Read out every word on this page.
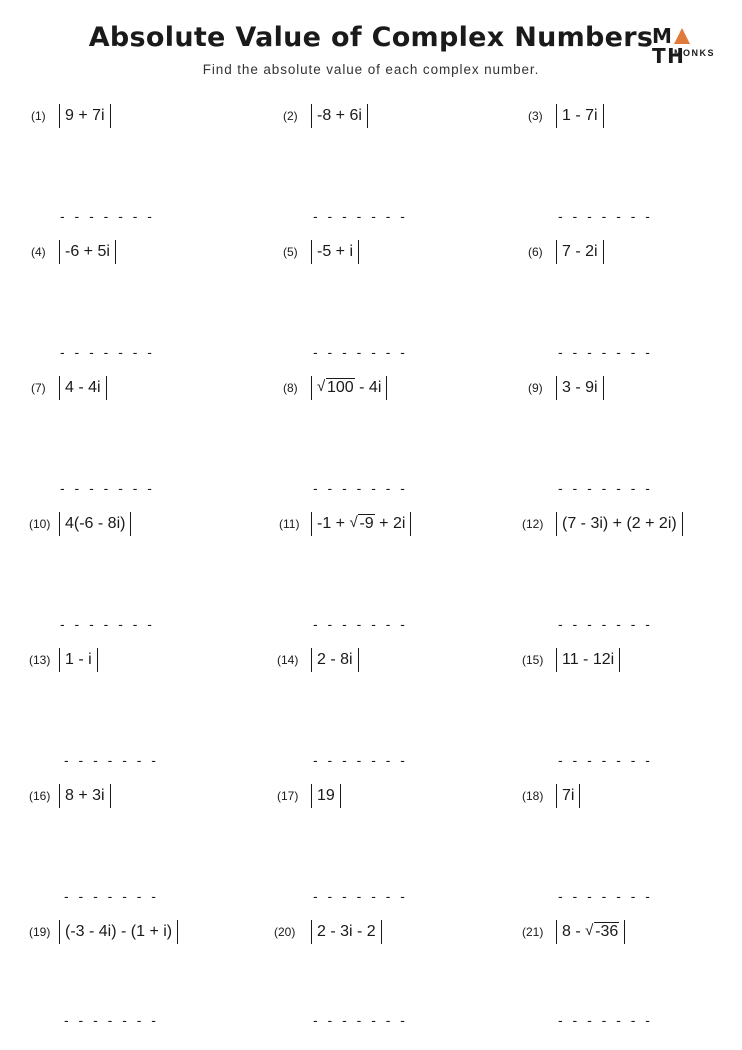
Absolute Value of Complex Numbers
Find the absolute value of each complex number.
MTH
MONKS
(1)	9 + 7i
- - - - - - -
(2)	-8 + 6i
- - - - - - -
(3)	1 - 7i
- - - - - - -
(4)	-6 + 5i
- - - - - - -
(5)	-5 + i
- - - - - - -
(6)	7 - 2i
- - - - - - -
(7)	4 - 4i
- - - - - - -
(8) √ 100 - 4i
- - - - - - -
(9)	3 - 9i
- - - - - - -
(10) 4(-6 - 8i)
- - - - - - -
(11)	-1 + √ -9 + 2i
- - - - - - -
(12)	(7 - 3i) + (2 + 2i)
- - - - - - -
(13) 1 - i
- - - - - - -
(14)	2 - 8i
- - - - - - -
(15)	11 - 12i
- - - - - - -
(16) 8 + 3i
- - - - - - -
(17)	19
- - - - - - -
(18)	7i
- - - - - - -
(19) (-3 - 4i) - (1 + i)
- - - - - - -
(20)	2 - 3i - 2
- - - - - - -
(21)	8 - √ -36
- - - - - - -
